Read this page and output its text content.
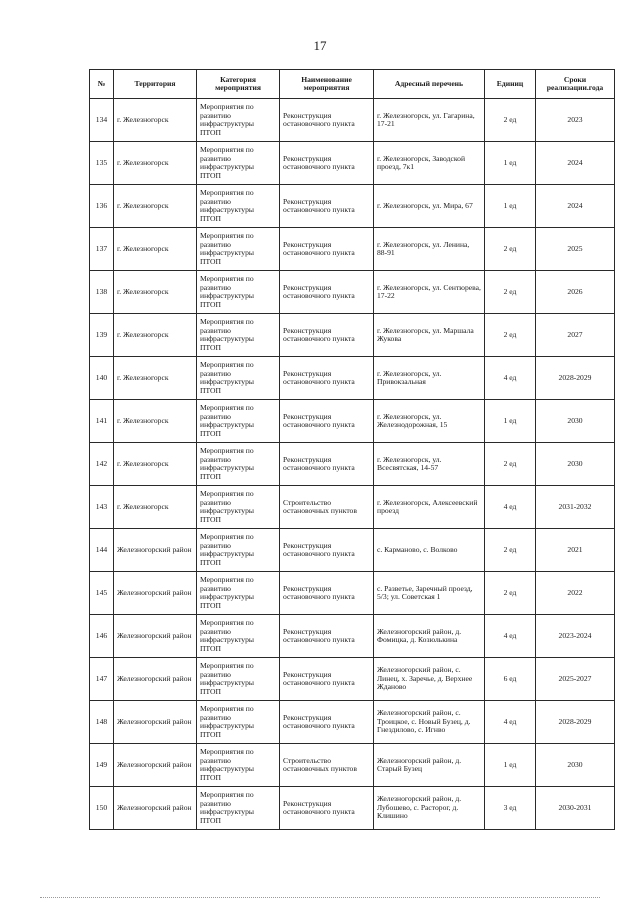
17
№	Территория	Категория мероприятия	Наименование мероприятия	Адресный перечень	Единиц	Сроки реализации.года
134	г. Железногорск	Мероприятия по развитию инфраструктуры ПТОП	Реконструкция остановочного пункта	г. Железногорск, ул. Гагарина, 17-21	2 ед	2023
135	г. Железногорск	Мероприятия по развитию инфраструктуры ПТОП	Реконструкция остановочного пункта	г. Железногорск, Заводской проезд, 7к1	1 ед	2024
136	г. Железногорск	Мероприятия по развитию инфраструктуры ПТОП	Реконструкция остановочного пункта	г. Железногорск, ул. Мира, 67	1 ед	2024
137	г. Железногорск	Мероприятия по развитию инфраструктуры ПТОП	Реконструкция остановочного пункта	г. Железногорск, ул. Ленина, 88-91	2 ед	2025
138	г. Железногорск	Мероприятия по развитию инфраструктуры ПТОП	Реконструкция остановочного пункта	г. Железногорск, ул. Сентюрева, 17-22	2 ед	2026
139	г. Железногорск	Мероприятия по развитию инфраструктуры ПТОП	Реконструкция остановочного пункта	г. Железногорск, ул. Маршала Жукова	2 ед	2027
140	г. Железногорск	Мероприятия по развитию инфраструктуры ПТОП	Реконструкция остановочного пункта	г. Железногорск, ул. Привокзальная	4 ед	2028-2029
141	г. Железногорск	Мероприятия по развитию инфраструктуры ПТОП	Реконструкция остановочного пункта	г. Железногорск, ул. Железнодорожная, 15	1 ед	2030
142	г. Железногорск	Мероприятия по развитию инфраструктуры ПТОП	Реконструкция остановочного пункта	г. Железногорск, ул. Всесвятская, 14-57	2 ед	2030
143	г. Железногорск	Мероприятия по развитию инфраструктуры ПТОП	Строительство остановочных пунктов	г. Железногорск, Алексеевский проезд	4 ед	2031-2032
144	Железногорский район	Мероприятия по развитию инфраструктуры ПТОП	Реконструкция остановочного пункта	с. Карманово, с. Волково	2 ед	2021
145	Железногорский район	Мероприятия по развитию инфраструктуры ПТОП	Реконструкция остановочного пункта	с. Разветье, Заречный проезд, 5/3; ул. Советская 1	2 ед	2022
146	Железногорский район	Мероприятия по развитию инфраструктуры ПТОП	Реконструкция остановочного пункта	Железногорский район, д. Фомицка, д. Козюлькина	4 ед	2023-2024
147	Железногорский район	Мероприятия по развитию инфраструктуры ПТОП	Реконструкция остановочного пункта	Железногорский район, с. Линец, х. Заречье, д. Верхнее Жданово	6 ед	2025-2027
148	Железногорский район	Мероприятия по развитию инфраструктуры ПТОП	Реконструкция остановочного пункта	Железногорский район, с. Троицкое, с. Новый Бузец, д. Гнездилово, с. Игнво	4 ед	2028-2029
149	Железногорский район	Мероприятия по развитию инфраструктуры ПТОП	Строительство остановочных пунктов	Железногорский район, д. Старый Бузец	1 ед	2030
150	Железногорский район	Мероприятия по развитию инфраструктуры ПТОП	Реконструкция остановочного пункта	Железногорский район, д. Лубошево, с. Расторог, д. Клишино	3 ед	2030-2031
